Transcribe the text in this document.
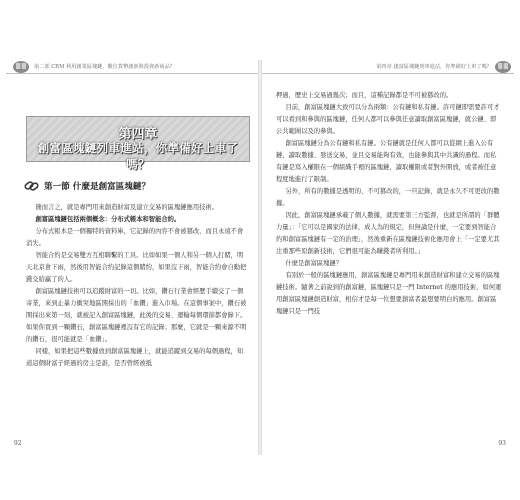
第二部 CRM 利用創業區塊鏈，數位貨幣創新與投資新商品？
第四章
創富區塊鏈列車進站，你準備好上車了嗎？
第一節 什麼是創富區塊鏈？

簡而言之，就是專門用來創造財富及建立交易的區塊鏈應用技術。

創富區塊鏈包括兩個概念：分布式帳本和智能合約。

分布式帳本是一個獨特的資料庫，它記錄的內容不會被篡改，而且永遠不會消失。

智能合約是交易雙方互相聯繫的工具。比如如果一個人和另一個人打賭，明天北京會下雨，然後用智能合約記錄這個賭約，如果沒下雨，智能合約會自動把錢交給贏了的人。

創富區塊鏈技術可以追蹤財富的一切。比如，鑽石行業會經歷手續交了一個寄業，來到止暴力衝突地區開採出的「血鑽」進入市場。在這個事案中，鑽石被開採出來第一刻，就被記入創富區塊鏈，此後的交易、運輸每個環節都會錄下。如果你買到一顆鑽石，創富區塊鏈裡沒有它的記錄；那麼，它就是一顆來源不明的鑽石，很可能就是「血鑽」。

同樣，如果把這些數據放到創富區塊鏈上，就能追蹤到交易的每個過程，知道這個財富子經過的房主是誰，是否曾經被抵

92
第四章 創富區塊鏈列車進站，你準備好上車了嗎？

押過，歷史上交易過幾次；而且，這種記錄都是不可被篡改的。

目前，創富區塊鏈大致可以分為兩類：公有鏈和私有鏈。許可鏈即需要許可才可以看到和參與的區塊鏈，任何人都可以參與任意讀取創富區塊鏈，就公鏈、即公共範圍以及的參與。

創富區塊鏈分為公有鏈和私有鏈。公有鏈就是任何人都可以從網上進入公有鏈，讀取數據、發送交易，並且交易能夠有效，也能參與其中共識的過程。而私有鏈是寫入權限在一個組織手裡的區塊鏈，讀取權限或者對外開放，或者被任意程度地進行了限制。

另外，所有的數據是透明的、不可篡改的，一旦記錄，就是永久不可更改的數據。

因此，創富區塊鏈承載了個人數據，就需要第三方監督，也就是所謂的「群體力量」：「它可以是國家的法律，成人為的規定，但無論是什麼，一定要到智能合約和創富區塊鏈有一定的治理」，然後重新在區塊鏈技術化應用會上「一定要尤其注重那些原創新技術，它們很可能為賺錢者所利用。」

什麼是創富區塊鏈？

有別於一般的區塊鏈應用，創富區塊鏈是專門用來創造財富和建立交易的區塊鏈技術。隨著之前說到的創富鏈，區塊鏈只是一門 Internet 的應用技術，如何運用創富區塊鏈創造財富，相信才是每一位想要創富者最想要明白的應用。創富區塊鏈只是一門技

93
